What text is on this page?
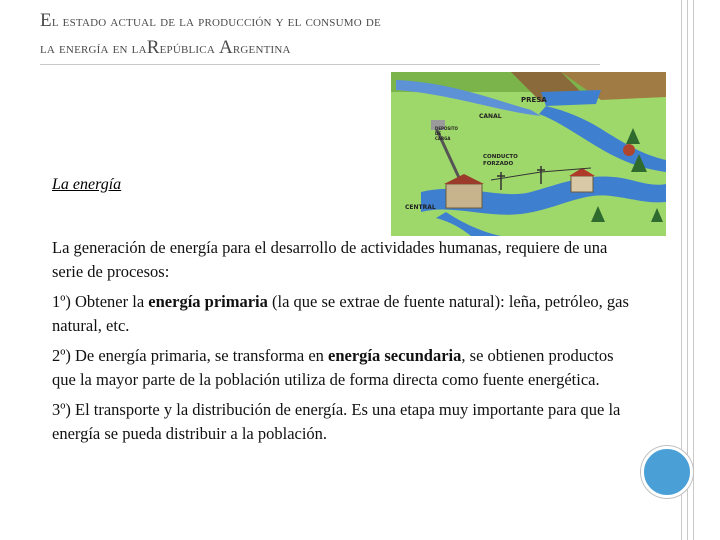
El estado actual de la producción y el consumo de
la energía en laRepública Argentina
PRESA
CANAL
DEPÓSITO
DE
CARGA
CONDUCTO
FORZADO
CENTRAL
La energía

La generación de energía para el desarrollo de actividades humanas, requiere de una serie de procesos:

1º) Obtener la energía primaria (la que se extrae de fuente natural): leña, petróleo, gas natural, etc.

2º) De energía primaria, se transforma en energía secundaria, se obtienen productos que la mayor parte de la población utiliza de forma directa como fuente energética.

3º) El transporte y la distribución de energía. Es una etapa muy importante para que la energía se pueda distribuir a la población.
